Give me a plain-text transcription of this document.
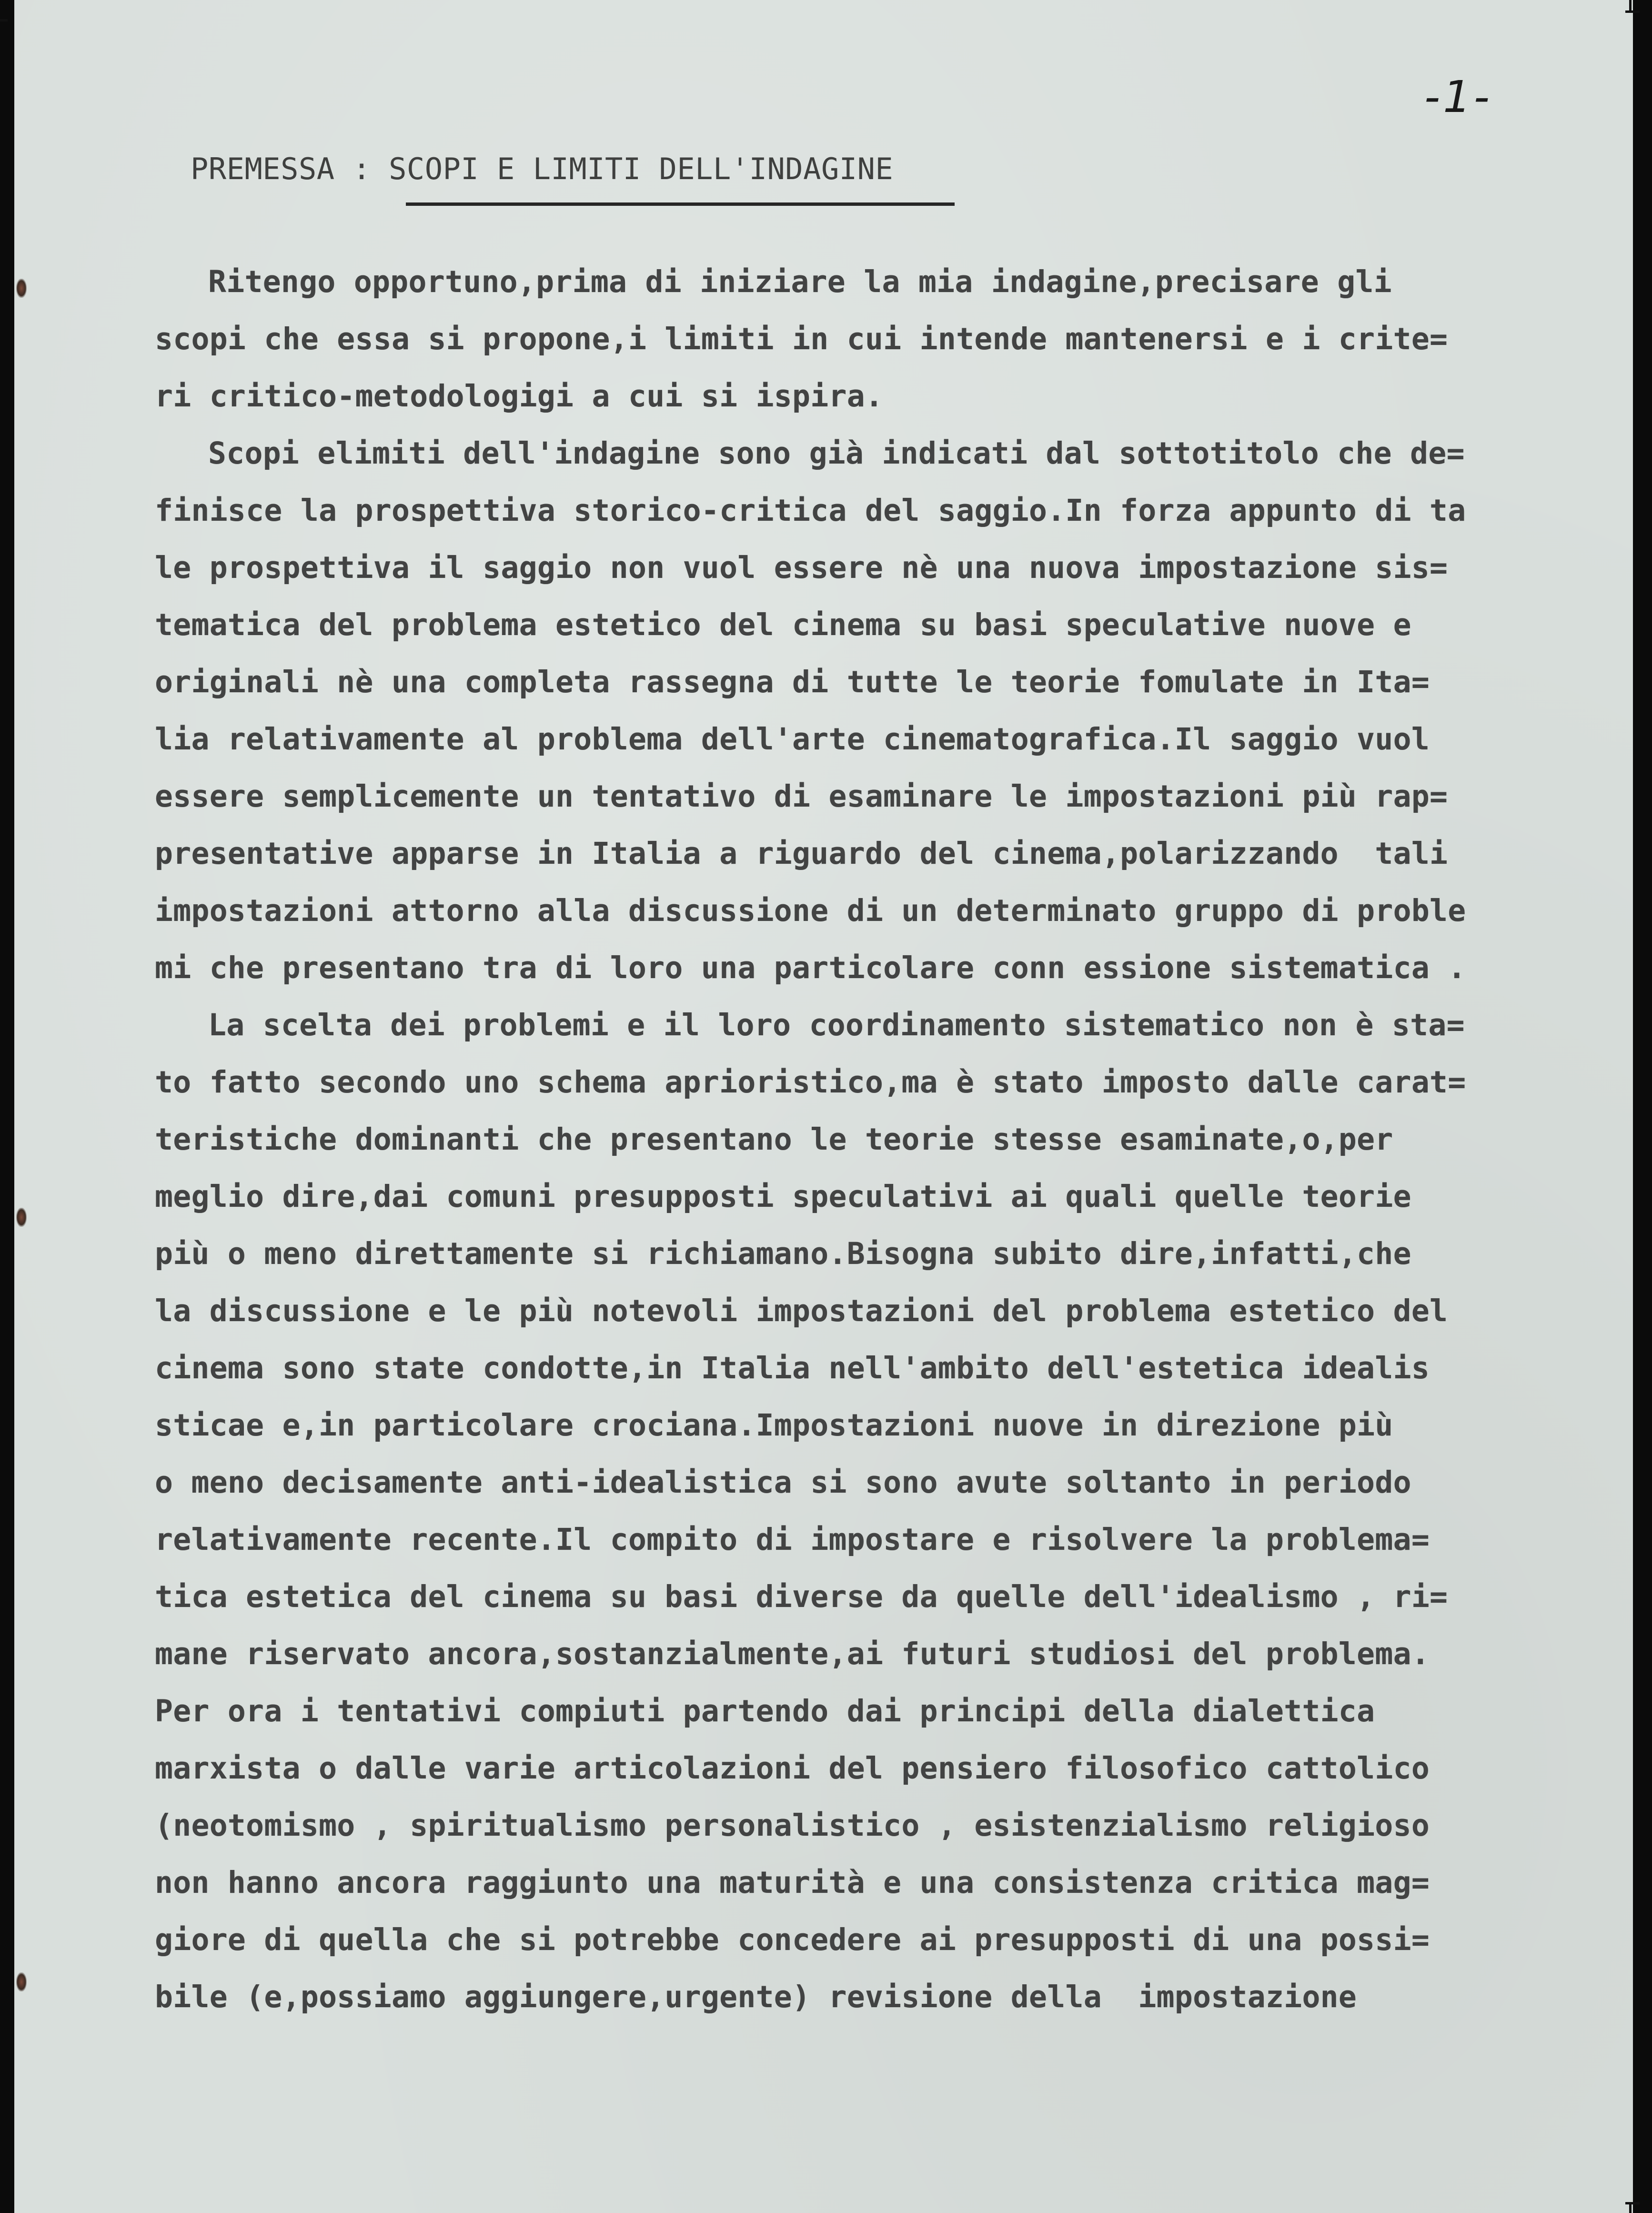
-1-
PREMESSA : SCOPI E LIMITI DELL'INDAGINE
Ritengo opportuno,prima di iniziare la mia indagine,precisare gli
scopi che essa si propone,i limiti in cui intende mantenersi e i crite=
ri critico-metodologigi a cui si ispira.
Scopi elimiti dell'indagine sono già indicati dal sottotitolo che de=
finisce la prospettiva storico-critica del saggio.In forza appunto di ta
le prospettiva il saggio non vuol essere nè una nuova impostazione sis=
tematica del problema estetico del cinema su basi speculative nuove e
originali nè una completa rassegna di tutte le teorie fomulate in Ita=
lia relativamente al problema dell'arte cinematografica.Il saggio vuol
essere semplicemente un tentativo di esaminare le impostazioni più rap=
presentative apparse in Italia a riguardo del cinema,polarizzando  tali
impostazioni attorno alla discussione di un determinato gruppo di proble
mi che presentano tra di loro una particolare conn essione sistematica .
La scelta dei problemi e il loro coordinamento sistematico non è sta=
to fatto secondo uno schema aprioristico,ma è stato imposto dalle carat=
teristiche dominanti che presentano le teorie stesse esaminate,o,per
meglio dire,dai comuni presupposti speculativi ai quali quelle teorie
più o meno direttamente si richiamano.Bisogna subito dire,infatti,che
la discussione e le più notevoli impostazioni del problema estetico del
cinema sono state condotte,in Italia nell'ambito dell'estetica idealis
sticae e,in particolare crociana.Impostazioni nuove in direzione più
o meno decisamente anti-idealistica si sono avute soltanto in periodo
relativamente recente.Il compito di impostare e risolvere la problema=
tica estetica del cinema su basi diverse da quelle dell'idealismo , ri=
mane riservato ancora,sostanzialmente,ai futuri studiosi del problema.
Per ora i tentativi compiuti partendo dai principi della dialettica
marxista o dalle varie articolazioni del pensiero filosofico cattolico
(neotomismo , spiritualismo personalistico , esistenzialismo religioso
non hanno ancora raggiunto una maturità e una consistenza critica mag=
giore di quella che si potrebbe concedere ai presupposti di una possi=
bile (e,possiamo aggiungere,urgente) revisione della  impostazione
